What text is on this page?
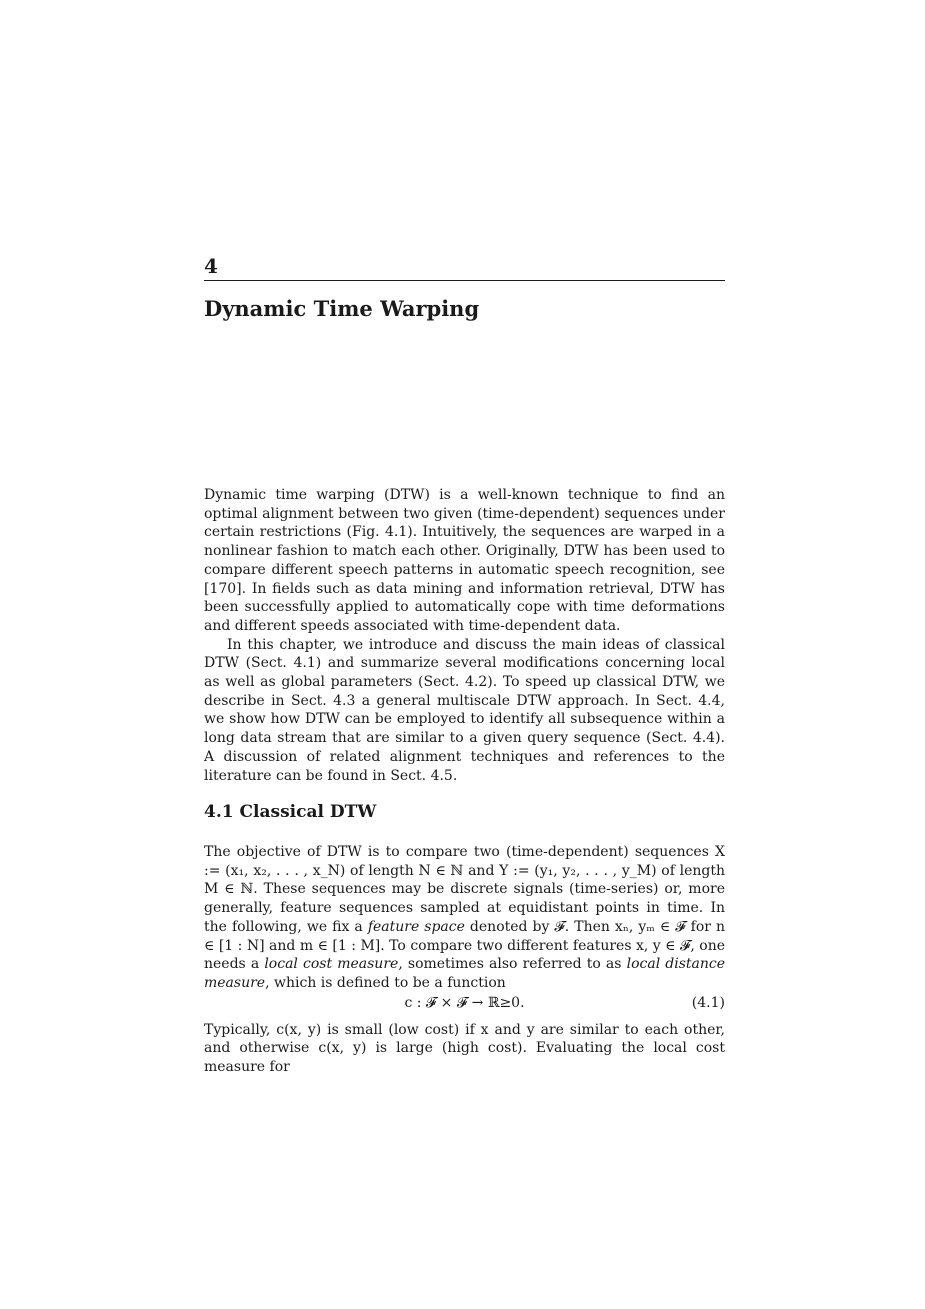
4
Dynamic Time Warping

Dynamic time warping (DTW) is a well-known technique to find an optimal alignment between two given (time-dependent) sequences under certain restrictions (Fig. 4.1). Intuitively, the sequences are warped in a nonlinear fashion to match each other. Originally, DTW has been used to compare different speech patterns in automatic speech recognition, see [170]. In fields such as data mining and information retrieval, DTW has been successfully applied to automatically cope with time deformations and different speeds associated with time-dependent data.

In this chapter, we introduce and discuss the main ideas of classical DTW (Sect. 4.1) and summarize several modifications concerning local as well as global parameters (Sect. 4.2). To speed up classical DTW, we describe in Sect. 4.3 a general multiscale DTW approach. In Sect. 4.4, we show how DTW can be employed to identify all subsequence within a long data stream that are similar to a given query sequence (Sect. 4.4). A discussion of related alignment techniques and references to the literature can be found in Sect. 4.5.

4.1 Classical DTW

The objective of DTW is to compare two (time-dependent) sequences X := (x₁, x₂, . . . , x_N) of length N ∈ ℕ and Y := (y₁, y₂, . . . , y_M) of length M ∈ ℕ. These sequences may be discrete signals (time-series) or, more generally, feature sequences sampled at equidistant points in time. In the following, we fix a feature space denoted by 𝓕. Then xₙ, yₘ ∈ 𝓕 for n ∈ [1 : N] and m ∈ [1 : M]. To compare two different features x, y ∈ 𝓕, one needs a local cost measure, sometimes also referred to as local distance measure, which is defined to be a function

c : 𝓕 × 𝓕 → ℝ≥0.	(4.1)

Typically, c(x, y) is small (low cost) if x and y are similar to each other, and otherwise c(x, y) is large (high cost). Evaluating the local cost measure for
